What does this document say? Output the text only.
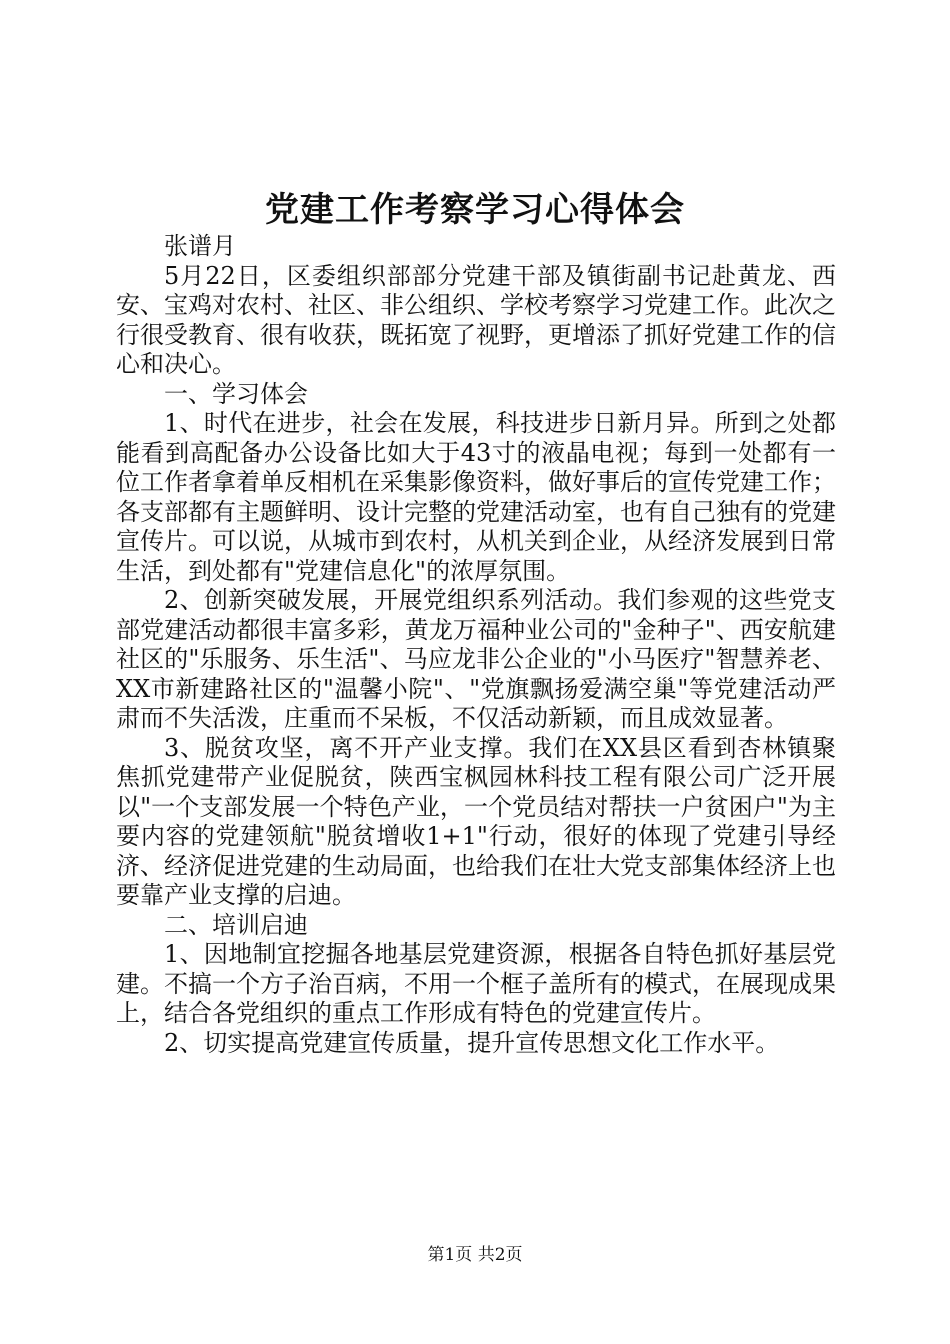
党建工作考察学习心得体会

张谱月

5月22日，区委组织部部分党建干部及镇街副书记赴黄龙、西安、宝鸡对农村、社区、非公组织、学校考察学习党建工作。此次之行很受教育、很有收获，既拓宽了视野，更增添了抓好党建工作的信心和决心。

一、学习体会

1、时代在进步，社会在发展，科技进步日新月异。所到之处都能看到高配备办公设备比如大于43寸的液晶电视；每到一处都有一位工作者拿着单反相机在采集影像资料，做好事后的宣传党建工作；各支部都有主题鲜明、设计完整的党建活动室，也有自己独有的党建宣传片。可以说，从城市到农村，从机关到企业，从经济发展到日常生活，到处都有"党建信息化"的浓厚氛围。

2、创新突破发展，开展党组织系列活动。我们参观的这些党支部党建活动都很丰富多彩，黄龙万福种业公司的"金种子"、西安航建社区的"乐服务、乐生活"、马应龙非公企业的"小马医疗"智慧养老、XX市新建路社区的"温馨小院"、"党旗飘扬爱满空巢"等党建活动严肃而不失活泼，庄重而不呆板，不仅活动新颖，而且成效显著。

3、脱贫攻坚，离不开产业支撑。我们在XX县区看到杏林镇聚焦抓党建带产业促脱贫，陕西宝枫园林科技工程有限公司广泛开展以"一个支部发展一个特色产业，一个党员结对帮扶一户贫困户"为主要内容的党建领航"脱贫增收1+1"行动，很好的体现了党建引导经济、经济促进党建的生动局面，也给我们在壮大党支部集体经济上也要靠产业支撑的启迪。

二、培训启迪

1、因地制宜挖掘各地基层党建资源，根据各自特色抓好基层党建。不搞一个方子治百病，不用一个框子盖所有的模式，在展现成果上，结合各党组织的重点工作形成有特色的党建宣传片。

2、切实提高党建宣传质量，提升宣传思想文化工作水平。

第1页 共2页
